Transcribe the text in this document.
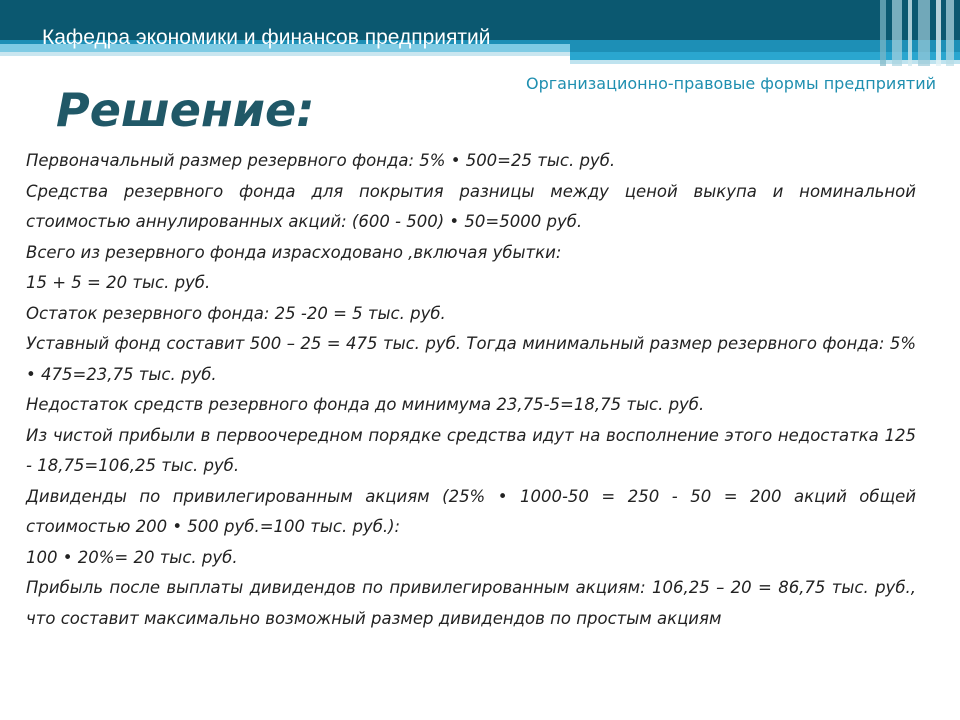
Кафедра экономики и финансов предприятий
Организационно-правовые формы предприятий
Решение:

Первоначальный размер резервного фонда: 5% • 500=25 тыс. руб.

Средства резервного фонда для покрытия разницы между ценой выкупа и номинальной стоимостью аннулированных акций: (600 - 500) • 50=5000 руб.

Всего из резервного фонда израсходовано ,включая убытки:

15 + 5 = 20 тыс. руб.

Остаток резервного фонда: 25 -20 = 5 тыс. руб.

Уставный фонд составит 500 – 25 = 475 тыс. руб. Тогда минимальный размер резервного фонда: 5% • 475=23,75 тыс. руб.

Недостаток средств резервного фонда до минимума 23,75-5=18,75 тыс. руб.

Из чистой прибыли в первоочередном порядке средства идут на восполнение этого недостатка 125 - 18,75=106,25 тыс. руб.

Дивиденды по привилегированным акциям (25% • 1000-50 = 250 - 50 = 200 акций общей стоимостью 200 • 500 руб.=100 тыс. руб.):

100 • 20%= 20 тыс. руб.

Прибыль после выплаты дивидендов по привилегированным акциям: 106,25 – 20 = 86,75 тыс. руб., что составит максимально возможный размер дивидендов по простым акциям
